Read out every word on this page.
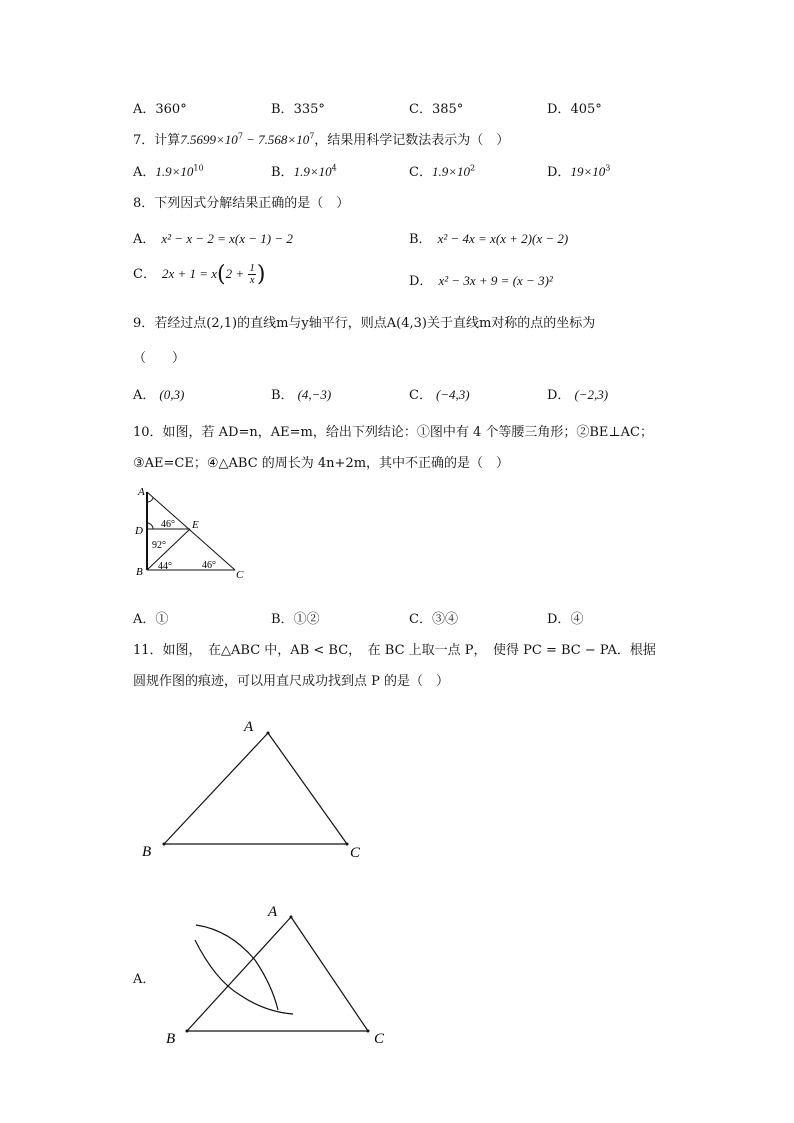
A．360°	B．335°	C．385°	D．405°
7．计算$7.5699\times 10^7 - 7.568\times 10^7$，结果用科学记数法表示为（　）
A．$1.9\times 10^{10}$	B．$1.9\times 10^4$	C．$1.9\times 10^2$	D．$19\times 10^3$
8．下列因式分解结果正确的是（　）
A． x² − x − 2 = x(x − 1) − 2	B． x² − 4x = x(x + 2)(x − 2)
C． $2x + 1 = x(2 + \frac{1}{x}$ )	D． x² − 3x + 9 = (x − 3)²
9．若经过点(2,1)的直线m与y轴平行，则点A(4,3)关于直线m对称的点的坐标为
（　　）
A． (0,3)	B． (4,−3)	C． (−4,3)	D． (−2,3)
10．如图，若 AD=n，AE=m，给出下列结论：①图中有 4 个等腰三角形；②BE⊥AC；
③AE=CE；④△ABC 的周长为 4n+2m，其中不正确的是（　）
A
D
B
E
C
46°
92°
44°	46°
A．①	B．①②	C．③④	D．④
11．如图，　在△ABC 中，AB < BC，　在 BC 上取一点 P，　使得 PC = BC − PA．根据
圆规作图的痕迹，可以用直尺成功找到点 P 的是（　）
A
B	C
A．
A
B	C
